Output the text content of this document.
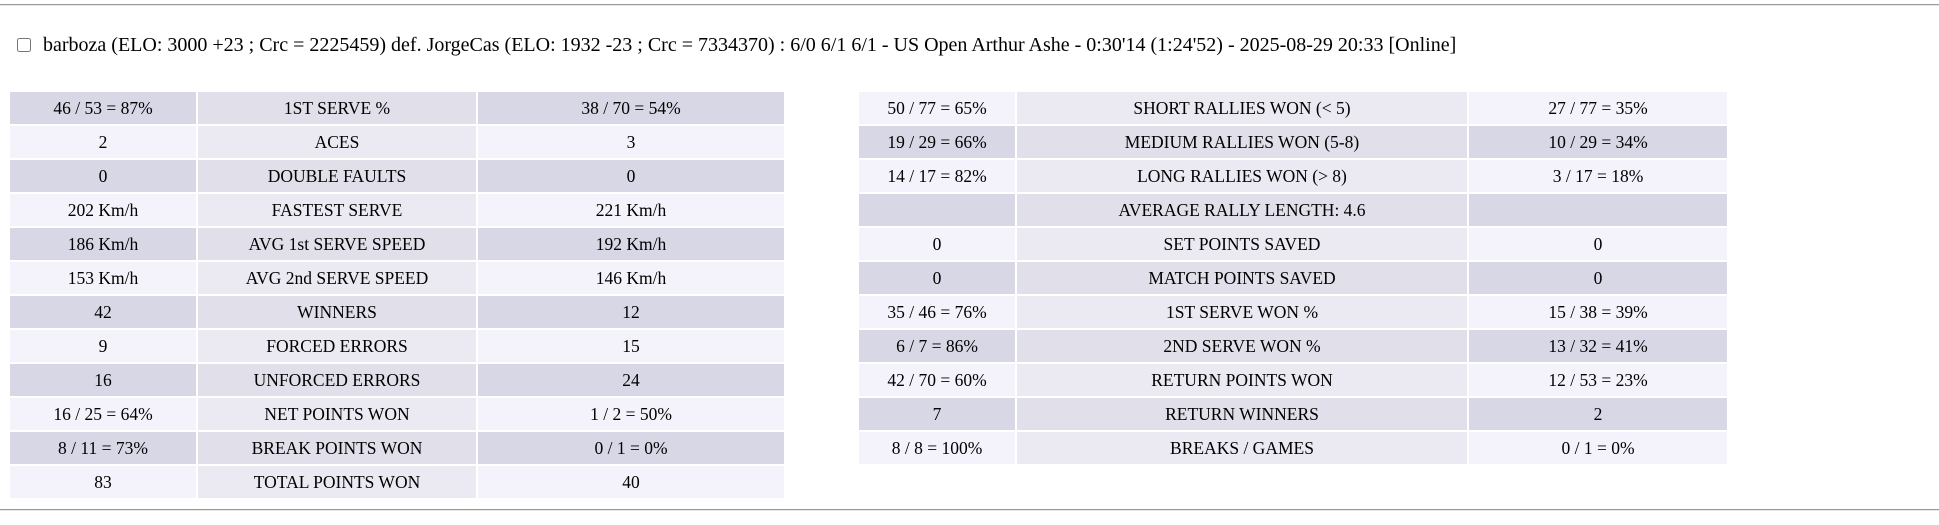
barboza (ELO: 3000 +23 ; Crc = 2225459) def. JorgeCas (ELO: 1932 -23 ; Crc = 7334370) : 6/0 6/1 6/1 - US Open Arthur Ashe - 0:30'14 (1:24'52) - 2025-08-29 20:33 [Online]
46 / 53 = 87%	1ST SERVE %	38 / 70 = 54%
2	ACES	3
0	DOUBLE FAULTS	0
202 Km/h	FASTEST SERVE	221 Km/h
186 Km/h	AVG 1st SERVE SPEED	192 Km/h
153 Km/h	AVG 2nd SERVE SPEED	146 Km/h
42	WINNERS	12
9	FORCED ERRORS	15
16	UNFORCED ERRORS	24
16 / 25 = 64%	NET POINTS WON	1 / 2 = 50%
8 / 11 = 73%	BREAK POINTS WON	0 / 1 = 0%
83	TOTAL POINTS WON	40
50 / 77 = 65%	SHORT RALLIES WON (< 5)	27 / 77 = 35%
19 / 29 = 66%	MEDIUM RALLIES WON (5-8)	10 / 29 = 34%
14 / 17 = 82%	LONG RALLIES WON (> 8)	3 / 17 = 18%
	AVERAGE RALLY LENGTH: 4.6	
0	SET POINTS SAVED	0
0	MATCH POINTS SAVED	0
35 / 46 = 76%	1ST SERVE WON %	15 / 38 = 39%
6 / 7 = 86%	2ND SERVE WON %	13 / 32 = 41%
42 / 70 = 60%	RETURN POINTS WON	12 / 53 = 23%
7	RETURN WINNERS	2
8 / 8 = 100%	BREAKS / GAMES	0 / 1 = 0%
